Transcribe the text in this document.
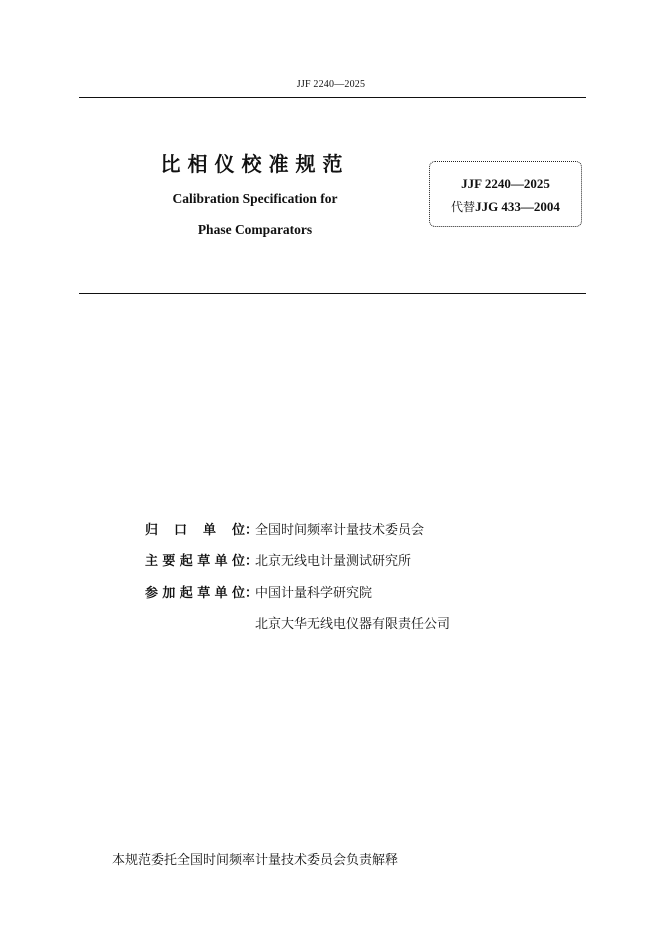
JJF 2240—2025
比相仪校准规范
Calibration Specification for
Phase Comparators
JJF 2240—2025
代替JJG 433—2004
归口单位：全国时间频率计量技术委员会
主要起草单位：北京无线电计量测试研究所
参加起草单位：中国计量科学研究院
北京大华无线电仪器有限责任公司
本规范委托全国时间频率计量技术委员会负责解释
